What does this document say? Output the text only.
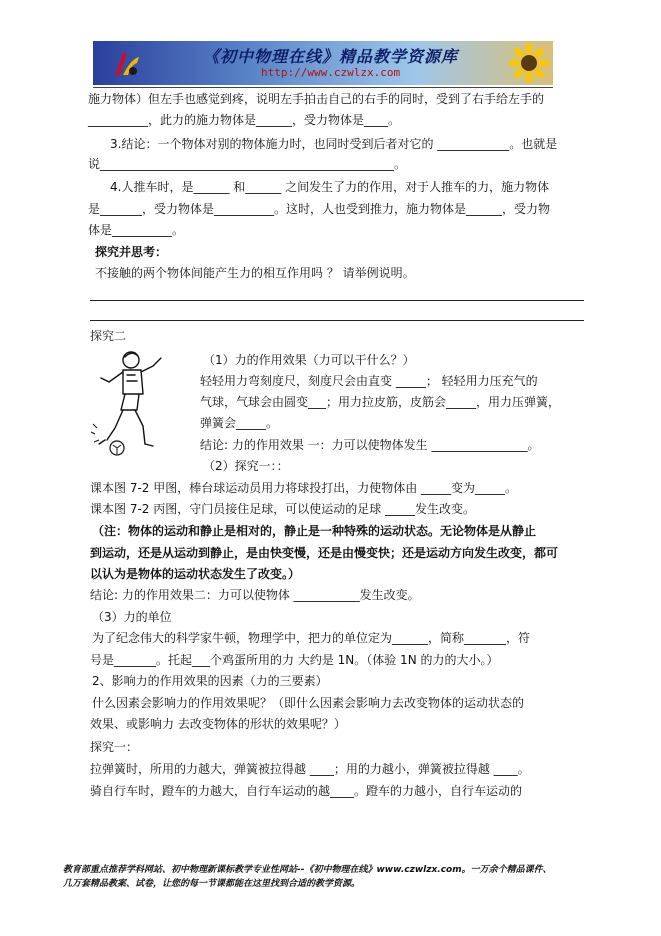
《初中物理在线》精品教学资源库
http://www.czwlzx.com
施力物体）但左手也感觉到疼，说明左手拍击自己的右手的同时，受到了右手给左手的
__________，此力的施力物体是______，受力物体是____。
3.结论：一个物体对别的物体施力时，也同时受到后者对它的 ____________。也就是
说_________________________________________________。
4.人推车时，是______ 和______ 之间发生了力的作用，对于人推车的力，施力物体
是_______，受力物体是__________。这时，人也受到推力，施力物体是______，受力物
体是__________。
探究并思考：
不接触的两个物体间能产生力的相互作用吗 ？ 请举例说明。
探究二
（1）力的作用效果（力可以干什么？）
轻轻用力弯刻度尺，刻度尺会由直变 _____； 轻轻用力压充气的
气球，气球会由圆变___；用力拉皮筋，皮筋会_____，用力压弹簧，
弹簧会_____。
结论: 力的作用效果 一：力可以使物体发生 ________________。
（2）探究一：：
课本图 7-2 甲图，棒台球运动员用力将球投打出，力使物体由 _____变为_____。
课本图 7-2 丙图，守门员接住足球，可以使运动的足球 _____发生改变。
（注：物体的运动和静止是相对的，静止是一种特殊的运动状态。无论物体是从静止
到运动，还是从运动到静止，是由快变慢，还是由慢变快；还是运动方向发生改变，都可
以认为是物体的运动状态发生了改变。）
结论: 力的作用效果二：力可以使物体 ___________发生改变。
（3）力的单位
为了纪念伟大的科学家牛顿，物理学中，把力的单位定为______，简称_______，符
号是_______。托起___个鸡蛋所用的力 大约是 1N。（体验 1N 的力的大小。）
2、影响力的作用效果的因素（力的三要素）
什么因素会影响力的作用效果呢？（即什么因素会影响力去改变物体的运动状态的
效果、或影响力 去改变物体的形状的效果呢？）
探究一：
拉弹簧时，所用的力越大，弹簧被拉得越 ____；用的力越小，弹簧被拉得越 ____。
骑自行车时，蹬车的力越大，自行车运动的越____。蹬车的力越小，自行车运动的
教育部重点推荐学科网站、初中物理新课标教学专业性网站--《初中物理在线》www.czwlzx.com。一万余个精品课件、
几万套精品教案、试卷，让您的每一节课都能在这里找到合适的教学资源。
